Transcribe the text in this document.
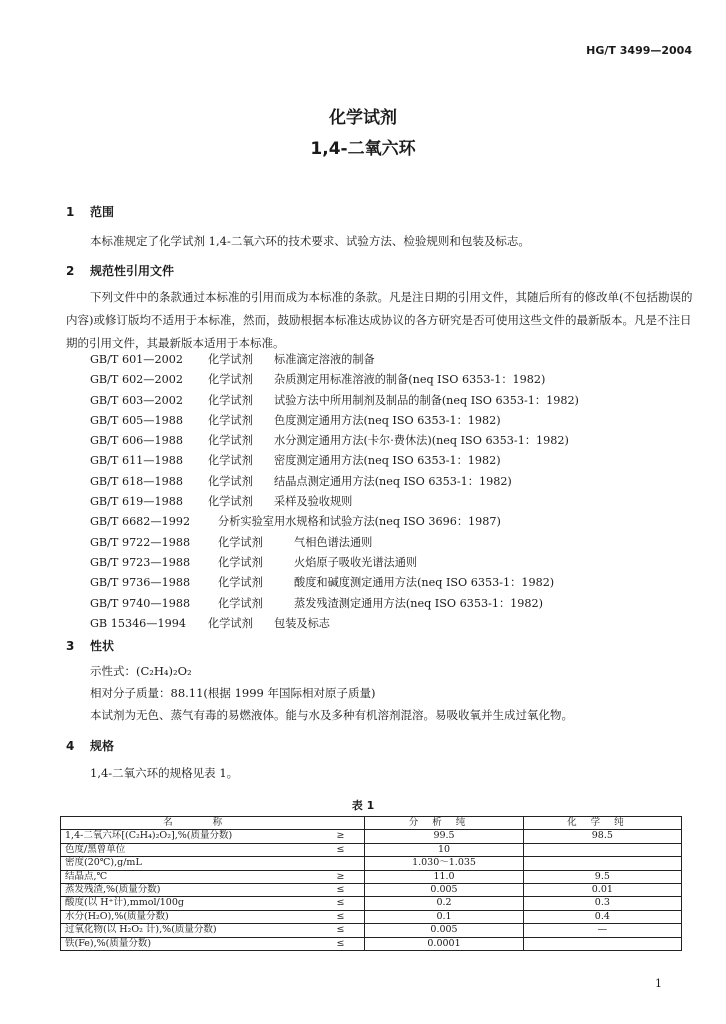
HG/T 3499—2004
化学试剂
1,4-二氧六环
1 范围

本标准规定了化学试剂 1,4-二氧六环的技术要求、试验方法、检验规则和包装及标志。

2 规范性引用文件

下列文件中的条款通过本标准的引用而成为本标准的条款。凡是注日期的引用文件，其随后所有的修改单(不包括勘误的内容)或修订版均不适用于本标准，然而，鼓励根据本标准达成协议的各方研究是否可使用这些文件的最新版本。凡是不注日期的引用文件，其最新版本适用于本标准。

GB/T 601—2002 化学试剂 标准滴定溶液的制备
GB/T 602—2002 化学试剂 杂质测定用标准溶液的制备(neq ISO 6353-1：1982)
GB/T 603—2002 化学试剂 试验方法中所用制剂及制品的制备(neq ISO 6353-1：1982)
GB/T 605—1988 化学试剂 色度测定通用方法(neq ISO 6353-1：1982)
GB/T 606—1988 化学试剂 水分测定通用方法(卡尔·费休法)(neq ISO 6353-1：1982)
GB/T 611—1988 化学试剂 密度测定通用方法(neq ISO 6353-1：1982)
GB/T 618—1988 化学试剂 结晶点测定通用方法(neq ISO 6353-1：1982)
GB/T 619—1988 化学试剂 采样及验收规则
GB/T 6682—1992 分析实验室用水规格和试验方法(neq ISO 3696：1987)
GB/T 9722—1988 化学试剂	气相色谱法通则
GB/T 9723—1988 化学试剂	火焰原子吸收光谱法通则
GB/T 9736—1988 化学试剂	酸度和碱度测定通用方法(neq ISO 6353-1：1982)
GB/T 9740—1988 化学试剂	蒸发残渣测定通用方法(neq ISO 6353-1：1982)
GB 15346—1994 化学试剂 包装及标志
3 性状
示性式：(C₂H₄)₂O₂
相对分子质量：88.11(根据 1999 年国际相对原子质量)
本试剂为无色、蒸气有毒的易燃液体。能与水及多种有机溶剂混溶。易吸收氧并生成过氧化物。
4 规格

1,4-二氧六环的规格见表 1。

表 1
名称		分析纯	化学纯
1,4-二氧六环[(C₂H₄)₂O₂],%(质量分数)	≥	99.5	98.5
色度/黑曾单位	≤	10	
密度(20℃),g/mL		1.030～1.035	
结晶点,℃	≥	11.0	9.5
蒸发残渣,%(质量分数)	≤	0.005	0.01
酸度(以 H⁺计),mmol/100g	≤	0.2	0.3
水分(H₂O),%(质量分数)	≤	0.1	0.4
过氧化物(以 H₂O₂ 计),%(质量分数)	≤	0.005	—
铁(Fe),%(质量分数)	≤	0.0001	
1
